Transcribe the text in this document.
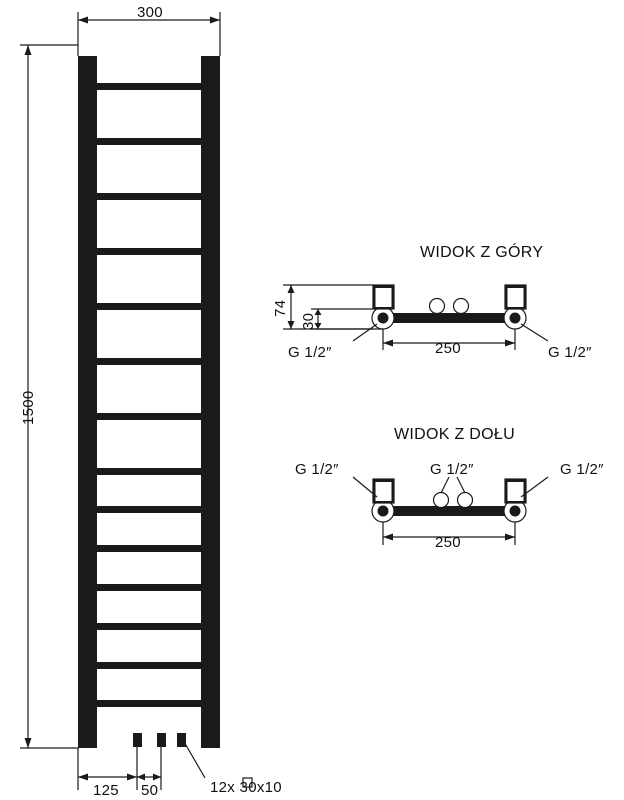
300
1500
125 50	12x 30x10
WIDOK Z GÓRY
74
30
250
G 1/2″	G 1/2″
WIDOK Z DOŁU
G 1/2″	G 1/2″	G 1/2″
250
